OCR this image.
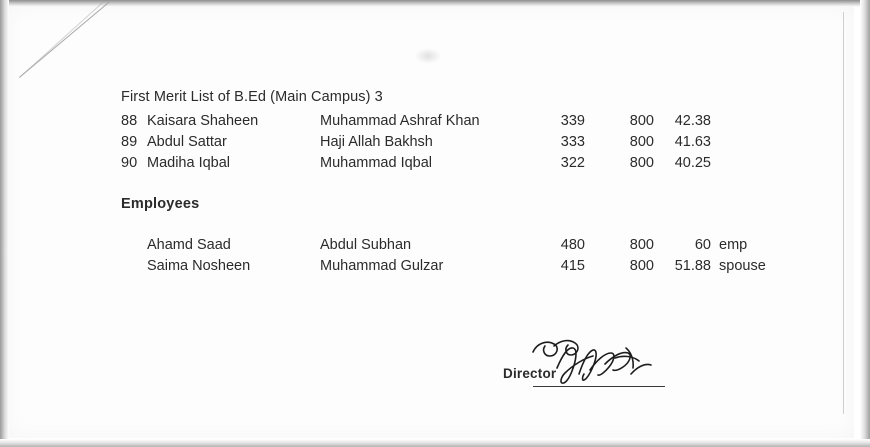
First Merit List of B.Ed (Main Campus) 3
88 Kaisara Shaheen	Muhammad Ashraf Khan	339	800	42.38
89 Abdul Sattar	Haji Allah Bakhsh	333	800	41.63
90 Madiha Iqbal	Muhammad Iqbal	322	800	40.25
Employees
Ahamd Saad	Abdul Subhan	480	800	60 emp
Saima Nosheen	Muhammad Gulzar	415	800	51.88 spouse
Director
